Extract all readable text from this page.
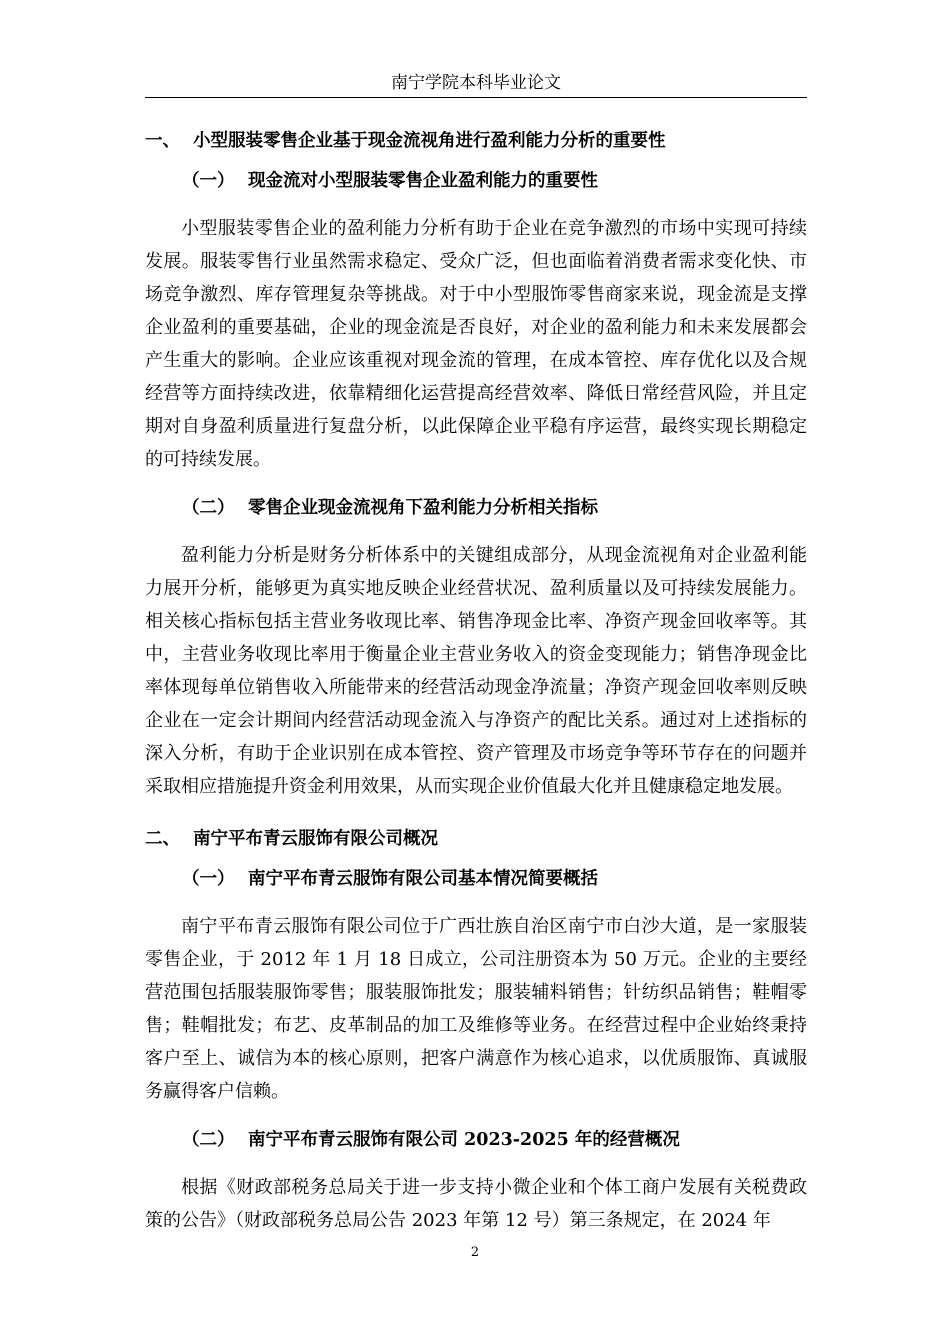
南宁学院本科毕业论文
一、 小型服装零售企业基于现金流视角进行盈利能力分析的重要性
（一） 现金流对小型服装零售企业盈利能力的重要性

小型服装零售企业的盈利能力分析有助于企业在竞争激烈的市场中实现可持续发展。服装零售行业虽然需求稳定、受众广泛，但也面临着消费者需求变化快、市场竞争激烈、库存管理复杂等挑战。对于中小型服饰零售商家来说，现金流是支撑企业盈利的重要基础，企业的现金流是否良好，对企业的盈利能力和未来发展都会产生重大的影响。企业应该重视对现金流的管理，在成本管控、库存优化以及合规经营等方面持续改进，依靠精细化运营提高经营效率、降低日常经营风险，并且定期对自身盈利质量进行复盘分析，以此保障企业平稳有序运营，最终实现长期稳定的可持续发展。

（二） 零售企业现金流视角下盈利能力分析相关指标

盈利能力分析是财务分析体系中的关键组成部分，从现金流视角对企业盈利能力展开分析，能够更为真实地反映企业经营状况、盈利质量以及可持续发展能力。相关核心指标包括主营业务收现比率、销售净现金比率、净资产现金回收率等。其中，主营业务收现比率用于衡量企业主营业务收入的资金变现能力；销售净现金比率体现每单位销售收入所能带来的经营活动现金净流量；净资产现金回收率则反映企业在一定会计期间内经营活动现金流入与净资产的配比关系。通过对上述指标的深入分析，有助于企业识别在成本管控、资产管理及市场竞争等环节存在的问题并采取相应措施提升资金利用效果，从而实现企业价值最大化并且健康稳定地发展。

二、 南宁平布青云服饰有限公司概况
（一） 南宁平布青云服饰有限公司基本情况简要概括

南宁平布青云服饰有限公司位于广西壮族自治区南宁市白沙大道，是一家服装零售企业，于 2012 年 1 月 18 日成立，公司注册资本为 50 万元。企业的主要经营范围包括服装服饰零售；服装服饰批发；服装辅料销售；针纺织品销售；鞋帽零售；鞋帽批发；布艺、皮革制品的加工及维修等业务。在经营过程中企业始终秉持客户至上、诚信为本的核心原则，把客户满意作为核心追求，以优质服饰、真诚服务赢得客户信赖。

（二） 南宁平布青云服饰有限公司 2023-2025 年的经营概况

根据《财政部税务总局关于进一步支持小微企业和个体工商户发展有关税费政策的公告》（财政部税务总局公告 2023 年第 12 号）第三条规定，在 2024 年

2
